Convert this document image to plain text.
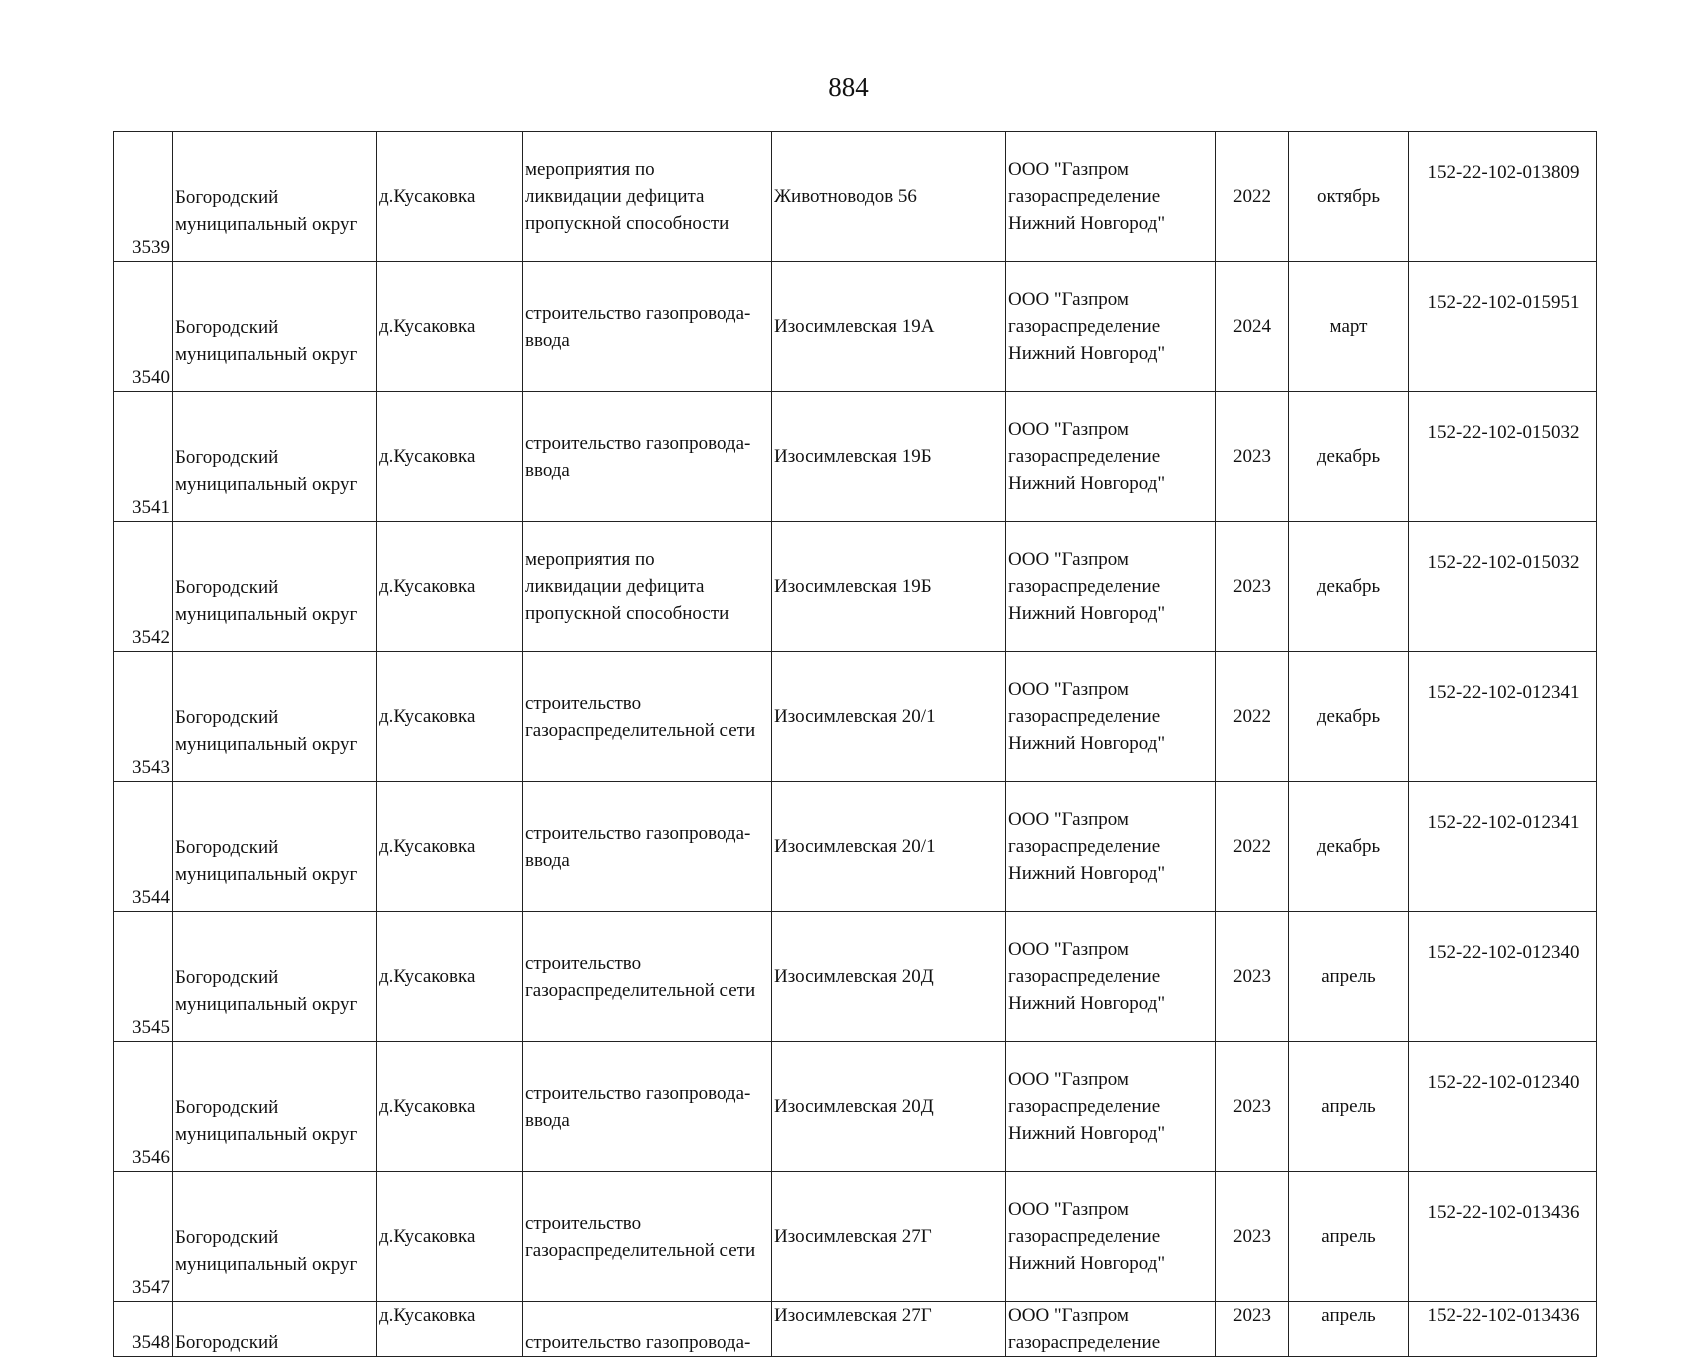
884
3539	Богородский
муниципальный округ	д.Кусаковка	мероприятия по
ликвидации дефицита
пропускной способности	Животноводов 56	ООО "Газпром
газораспределение
Нижний Новгород"	2022	октябрь	152-22-102-013809
3540	Богородский
муниципальный округ	д.Кусаковка	строительство газопровода-
ввода	Изосимлевская 19А	ООО "Газпром
газораспределение
Нижний Новгород"	2024	март	152-22-102-015951
3541	Богородский
муниципальный округ	д.Кусаковка	строительство газопровода-
ввода	Изосимлевская 19Б	ООО "Газпром
газораспределение
Нижний Новгород"	2023	декабрь	152-22-102-015032
3542	Богородский
муниципальный округ	д.Кусаковка	мероприятия по
ликвидации дефицита
пропускной способности	Изосимлевская 19Б	ООО "Газпром
газораспределение
Нижний Новгород"	2023	декабрь	152-22-102-015032
3543	Богородский
муниципальный округ	д.Кусаковка	строительство
газораспределительной сети	Изосимлевская 20/1	ООО "Газпром
газораспределение
Нижний Новгород"	2022	декабрь	152-22-102-012341
3544	Богородский
муниципальный округ	д.Кусаковка	строительство газопровода-
ввода	Изосимлевская 20/1	ООО "Газпром
газораспределение
Нижний Новгород"	2022	декабрь	152-22-102-012341
3545	Богородский
муниципальный округ	д.Кусаковка	строительство
газораспределительной сети	Изосимлевская 20Д	ООО "Газпром
газораспределение
Нижний Новгород"	2023	апрель	152-22-102-012340
3546	Богородский
муниципальный округ	д.Кусаковка	строительство газопровода-
ввода	Изосимлевская 20Д	ООО "Газпром
газораспределение
Нижний Новгород"	2023	апрель	152-22-102-012340
3547	Богородский
муниципальный округ	д.Кусаковка	строительство
газораспределительной сети	Изосимлевская 27Г	ООО "Газпром
газораспределение
Нижний Новгород"	2023	апрель	152-22-102-013436
3548	Богородский	д.Кусаковка	строительство газопровода-	Изосимлевская 27Г	ООО "Газпром
газораспределение	2023	апрель	152-22-102-013436
